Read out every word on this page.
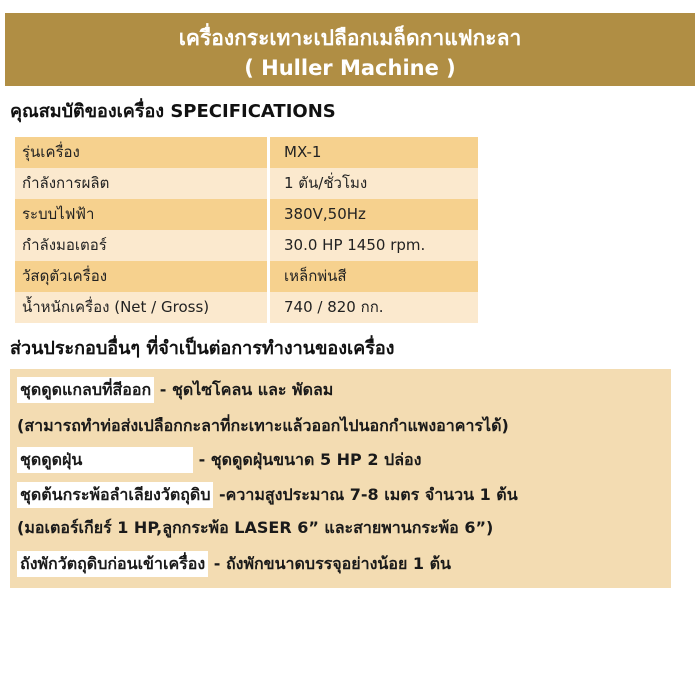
เครื่องกระเทาะเปลือกเมล็ดกาแฟกะลา
( Huller Machine )
คุณสมบัติของเครื่อง SPECIFICATIONS
รุ่นเครื่อง	MX-1
กำลังการผลิต	1 ตัน/ชั่วโมง
ระบบไฟฟ้า	380V,50Hz
กำลังมอเตอร์	30.0 HP 1450 rpm.
วัสดุตัวเครื่อง	เหล็กพ่นสี
น้ำหนักเครื่อง (Net / Gross)	740 / 820 กก.
ส่วนประกอบอื่นๆ ที่จำเป็นต่อการทำงานของเครื่อง
ชุดดูดแกลบที่สีออก - ชุดไซโคลน และ พัดลม
(สามารถทำท่อส่งเปลือกกะลาที่กะเทาะแล้วออกไปนอกกำแพงอาคารได้)
ชุดดูดฝุ่น	- ชุดดูดฝุ่นขนาด 5 HP 2 ปล่อง
ชุดต้นกระพ้อลำเลียงวัตถุดิบ -ความสูงประมาณ 7-8 เมตร จำนวน 1 ต้น
(มอเตอร์เกียร์ 1 HP,ลูกกระพ้อ LASER 6” และสายพานกระพ้อ 6”)
ถังพักวัตถุดิบก่อนเข้าเครื่อง - ถังพักขนาดบรรจุอย่างน้อย 1 ต้น
